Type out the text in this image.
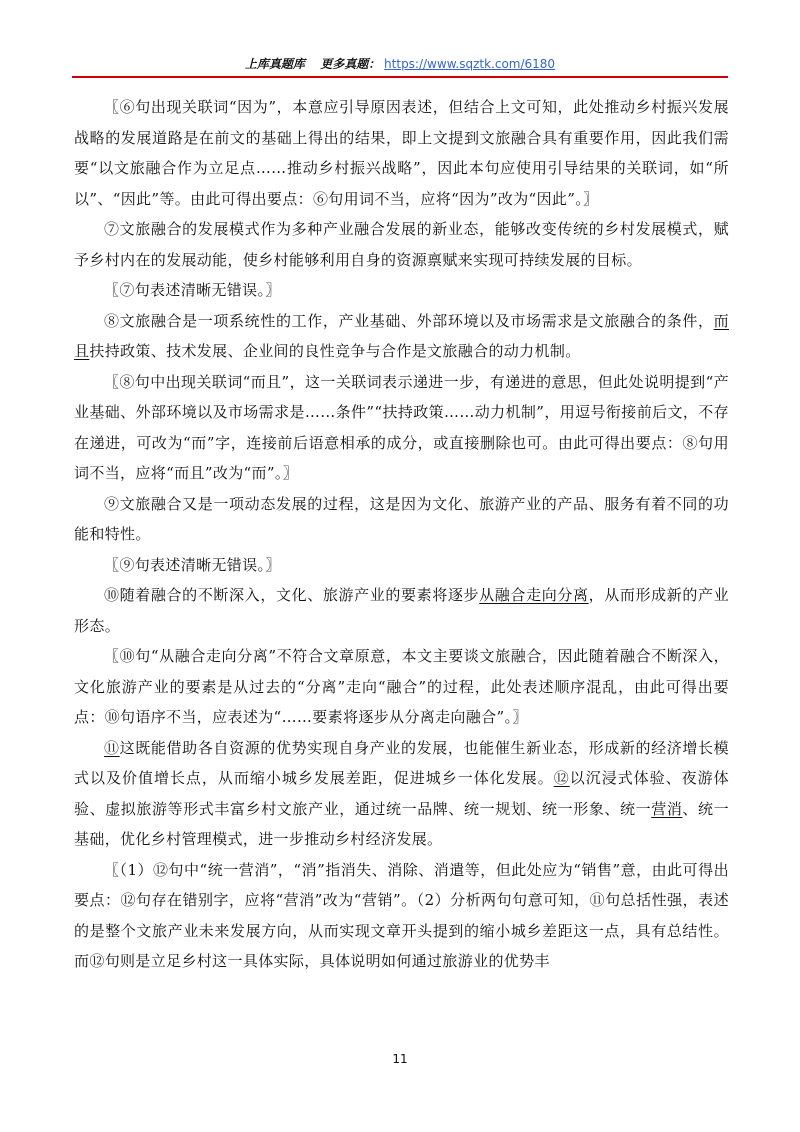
上库真题库 更多真题： https://www.sqztk.com/6180

〖⑥句出现关联词“因为”，本意应引导原因表述，但结合上文可知，此处推动乡村振兴发展战略的发展道路是在前文的基础上得出的结果，即上文提到文旅融合具有重要作用，因此我们需要“以文旅融合作为立足点……推动乡村振兴战略”，因此本句应使用引导结果的关联词，如“所以”、“因此”等。由此可得出要点：⑥句用词不当，应将“因为”改为“因此”。〗

⑦文旅融合的发展模式作为多种产业融合发展的新业态，能够改变传统的乡村发展模式，赋予乡村内在的发展动能，使乡村能够利用自身的资源禀赋来实现可持续发展的目标。

〖⑦句表述清晰无错误。〗

⑧文旅融合是一项系统性的工作，产业基础、外部环境以及市场需求是文旅融合的条件，而且扶持政策、技术发展、企业间的良性竞争与合作是文旅融合的动力机制。

〖⑧句中出现关联词“而且”，这一关联词表示递进一步，有递进的意思，但此处说明提到“产业基础、外部环境以及市场需求是……条件”“扶持政策……动力机制”，用逗号衔接前后文，不存在递进，可改为“而”字，连接前后语意相承的成分，或直接删除也可。由此可得出要点：⑧句用词不当，应将“而且”改为“而”。〗

⑨文旅融合又是一项动态发展的过程，这是因为文化、旅游产业的产品、服务有着不同的功能和特性。

〖⑨句表述清晰无错误。〗

⑩随着融合的不断深入，文化、旅游产业的要素将逐步从融合走向分离，从而形成新的产业形态。

〖⑩句“从融合走向分离”不符合文章原意，本文主要谈文旅融合，因此随着融合不断深入，文化旅游产业的要素是从过去的“分离”走向“融合”的过程，此处表述顺序混乱，由此可得出要点：⑩句语序不当，应表述为“……要素将逐步从分离走向融合”。〗

⑪这既能借助各自资源的优势实现自身产业的发展，也能催生新业态，形成新的经济增长模式以及价值增长点，从而缩小城乡发展差距，促进城乡一体化发展。⑫以沉浸式体验、夜游体验、虚拟旅游等形式丰富乡村文旅产业，通过统一品牌、统一规划、统一形象、统一营消、统一基础，优化乡村管理模式，进一步推动乡村经济发展。

〖（1）⑫句中“统一营消”，“消”指消失、消除、消遣等，但此处应为“销售”意，由此可得出要点：⑫句存在错别字，应将“营消”改为“营销”。（2）分析两句句意可知，⑪句总括性强，表述的是整个文旅产业未来发展方向，从而实现文章开头提到的缩小城乡差距这一点，具有总结性。而⑫句则是立足乡村这一具体实际，具体说明如何通过旅游业的优势丰

11
